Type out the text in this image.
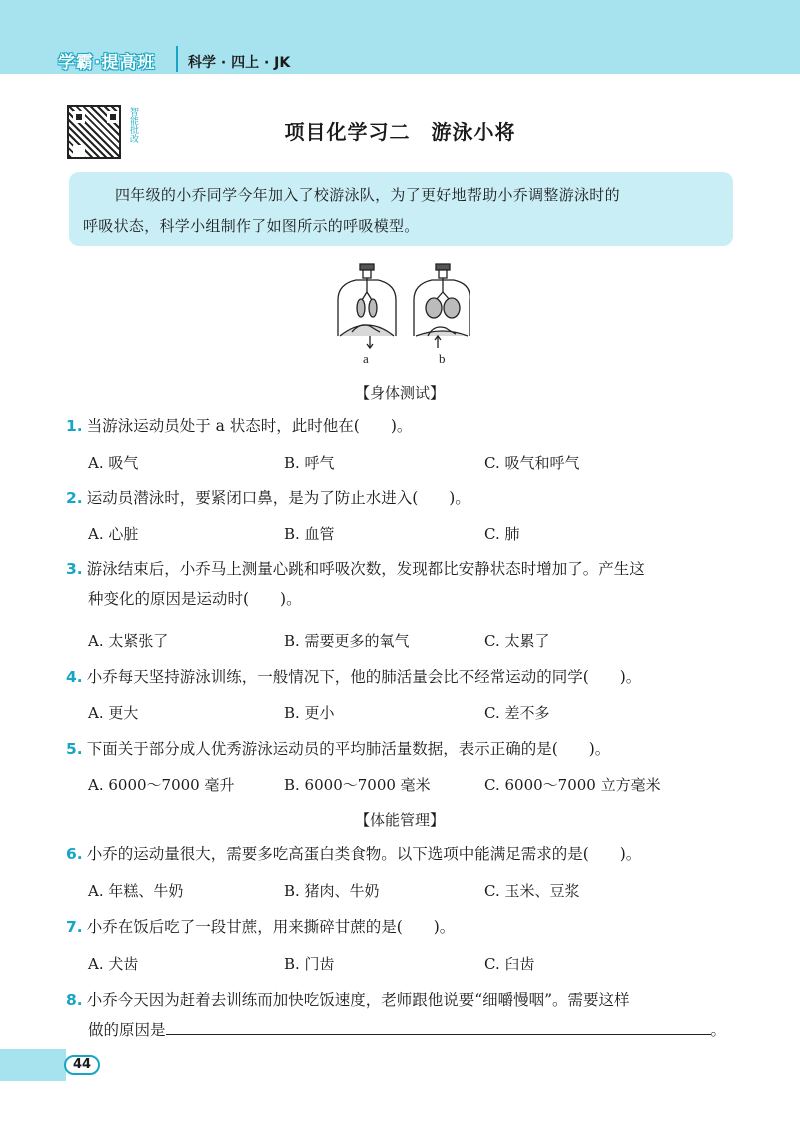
学霸·提高班 科学 · 四上 · JK
智能批改	项目化学习二　游泳小将
四年级的小乔同学今年加入了校游泳队，为了更好地帮助小乔调整游泳时的
呼吸状态，科学小组制作了如图所示的呼吸模型。
a	b
【身体测试】
1. 当游泳运动员处于 a 状态时，此时他在(　　)。
A. 吸气	B. 呼气	C. 吸气和呼气
2. 运动员潜泳时，要紧闭口鼻，是为了防止水进入(　　)。
A. 心脏	B. 血管	C. 肺
3. 游泳结束后，小乔马上测量心跳和呼吸次数，发现都比安静状态时增加了。产生这
种变化的原因是运动时(　　)。
A. 太紧张了	B. 需要更多的氧气	C. 太累了
4. 小乔每天坚持游泳训练，一般情况下，他的肺活量会比不经常运动的同学(　　)。
A. 更大	B. 更小	C. 差不多
5. 下面关于部分成人优秀游泳运动员的平均肺活量数据，表示正确的是(　　)。
A. 6000～7000 毫升	B. 6000～7000 毫米	C. 6000～7000 立方毫米
【体能管理】
6. 小乔的运动量很大，需要多吃高蛋白类食物。以下选项中能满足需求的是(　　)。
A. 年糕、牛奶	B. 猪肉、牛奶	C. 玉米、豆浆
7. 小乔在饭后吃了一段甘蔗，用来撕碎甘蔗的是(　　)。
A. 犬齿	B. 门齿	C. 臼齿
8. 小乔今天因为赶着去训练而加快吃饭速度，老师跟他说要“细嚼慢咽”。需要这样
做的原因是	。
44
